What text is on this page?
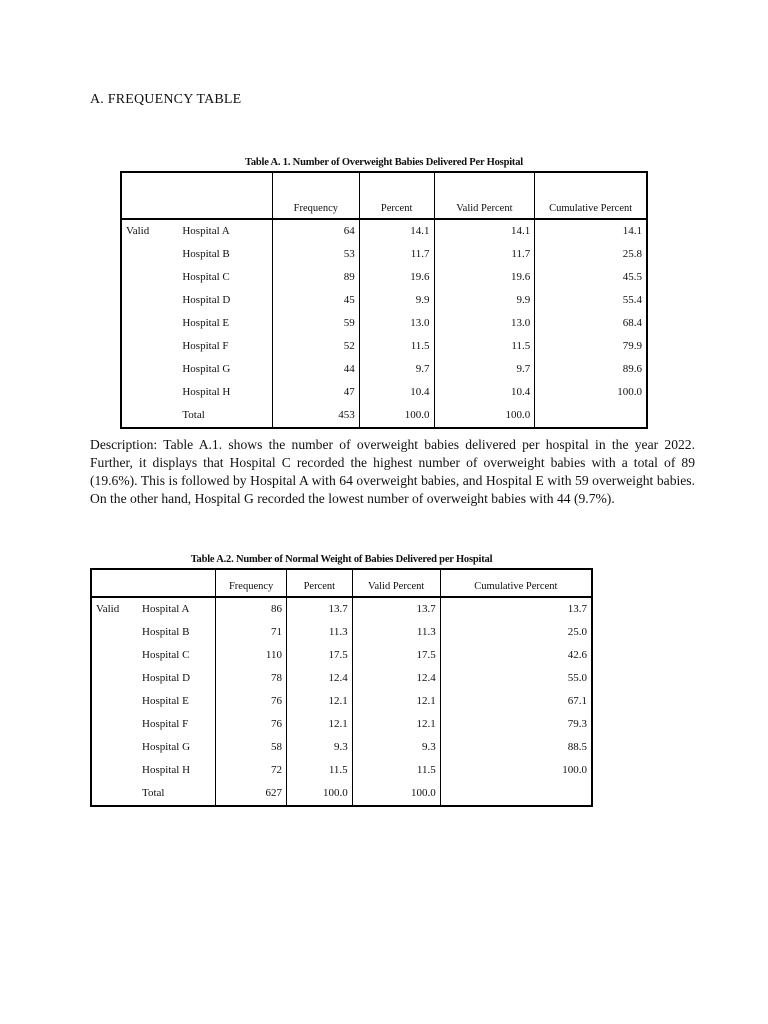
A. FREQUENCY TABLE
Table A. 1. Number of Overweight Babies Delivered Per Hospital
		Frequency	Percent	Valid Percent	Cumulative Percent
Valid	Hospital A	64	14.1	14.1	14.1
	Hospital B	53	11.7	11.7	25.8
	Hospital C	89	19.6	19.6	45.5
	Hospital D	45	9.9	9.9	55.4
	Hospital E	59	13.0	13.0	68.4
	Hospital F	52	11.5	11.5	79.9
	Hospital G	44	9.7	9.7	89.6
	Hospital H	47	10.4	10.4	100.0
	Total	453	100.0	100.0	
Description: Table A.1. shows the number of overweight babies delivered per hospital in the year 2022. Further, it displays that Hospital C recorded the highest number of overweight babies with a total of 89 (19.6%). This is followed by Hospital A with 64 overweight babies, and Hospital E with 59 overweight babies. On the other hand, Hospital G recorded the lowest number of overweight babies with 44 (9.7%).
Table A.2. Number of Normal Weight of Babies Delivered per Hospital
		Frequency	Percent	Valid Percent	Cumulative Percent
Valid	Hospital A	86	13.7	13.7	13.7
	Hospital B	71	11.3	11.3	25.0
	Hospital C	110	17.5	17.5	42.6
	Hospital D	78	12.4	12.4	55.0
	Hospital E	76	12.1	12.1	67.1
	Hospital F	76	12.1	12.1	79.3
	Hospital G	58	9.3	9.3	88.5
	Hospital H	72	11.5	11.5	100.0
	Total	627	100.0	100.0	
